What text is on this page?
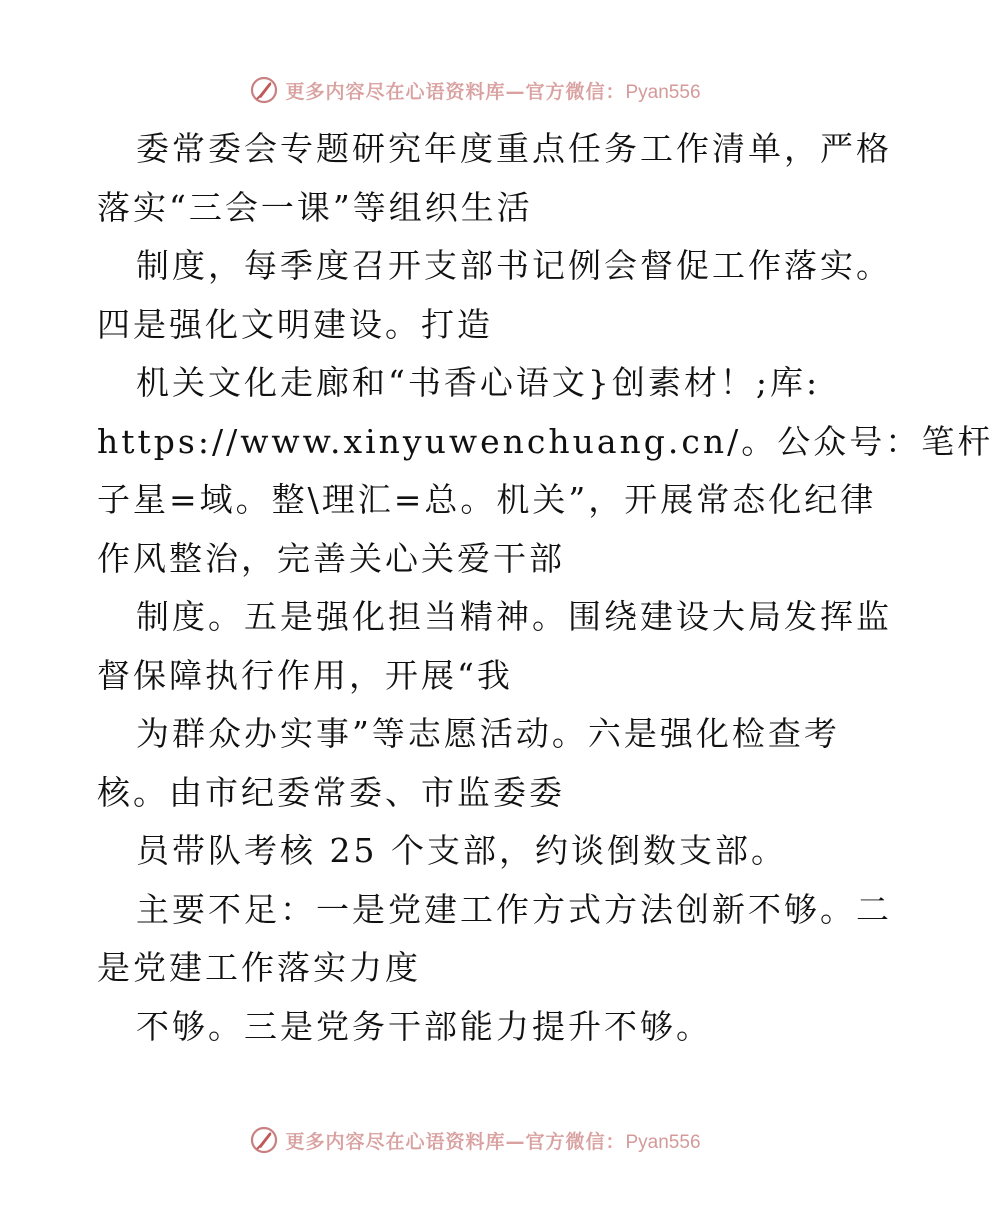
更多内容尽在心语资料库—官方微信：Pyan556
委常委会专题研究年度重点任务工作清单，严格
落实“三会一课”等组织生活
制度，每季度召开支部书记例会督促工作落实。
四是强化文明建设。打造
机关文化走廊和“书香心语文}创素材！;库:
https://www.xinyuwenchuang.cn/。公众号：笔杆
子星=域。整\理汇=总。机关”，开展常态化纪律
作风整治，完善关心关爱干部
制度。五是强化担当精神。围绕建设大局发挥监
督保障执行作用，开展“我
为群众办实事”等志愿活动。六是强化检查考
核。由市纪委常委、市监委委
员带队考核 25 个支部，约谈倒数支部。
主要不足：一是党建工作方式方法创新不够。二
是党建工作落实力度
不够。三是党务干部能力提升不够。
更多内容尽在心语资料库—官方微信：Pyan556
